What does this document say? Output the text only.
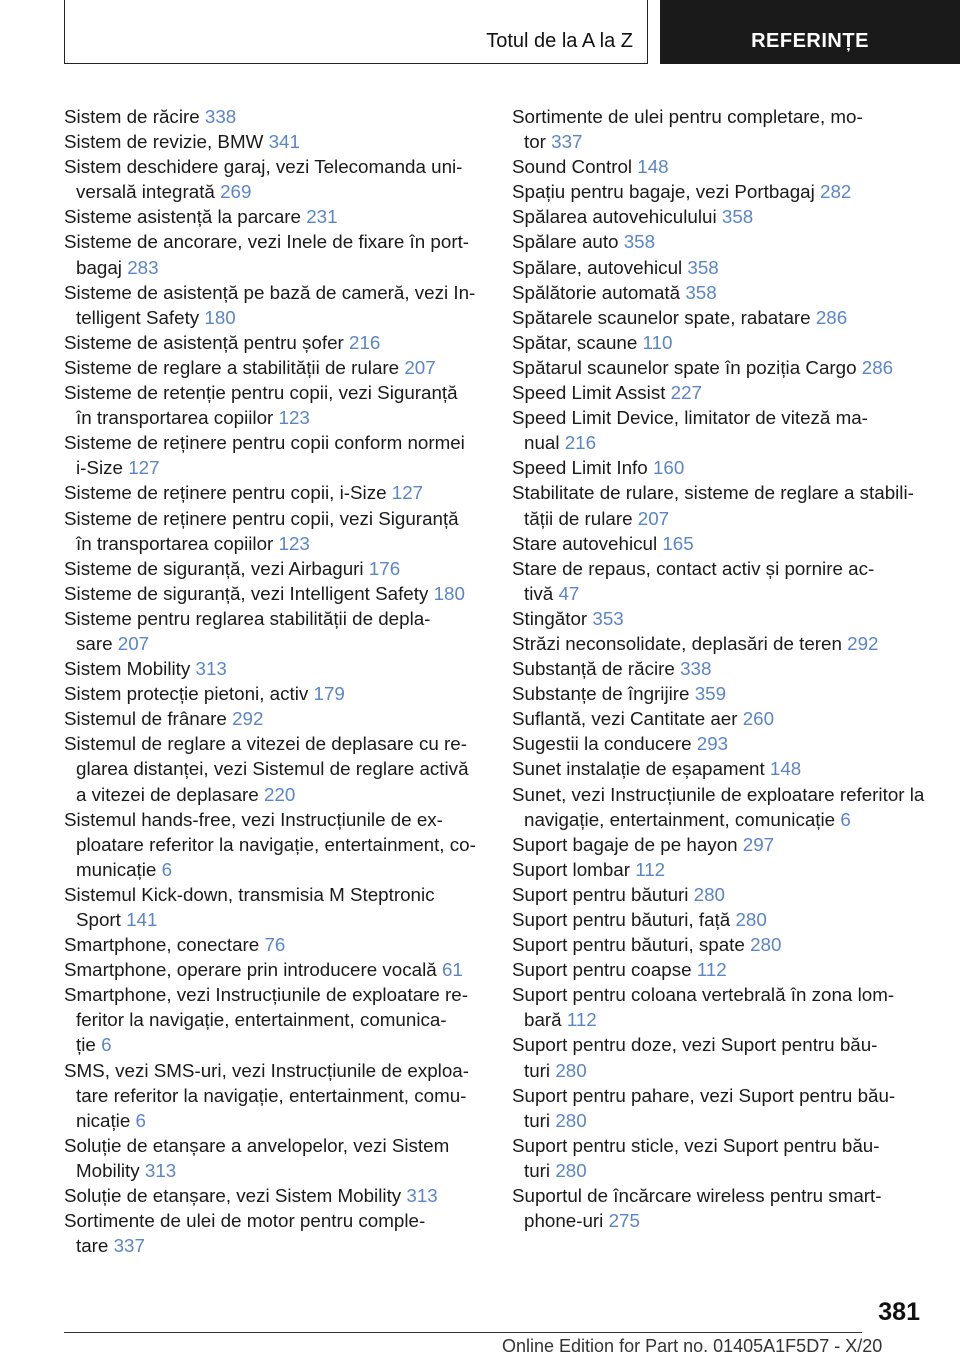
Totul de la A la Z	REFERINȚE
Sistem de răcire 338
Sistem de revizie, BMW 341
Sistem deschidere garaj, vezi Telecomanda uni-
versală integrată 269
Sisteme asistență la parcare 231
Sisteme de ancorare, vezi Inele de fixare în port-
bagaj 283
Sisteme de asistență pe bază de cameră, vezi In-
telligent Safety 180
Sisteme de asistență pentru șofer 216
Sisteme de reglare a stabilității de rulare 207
Sisteme de retenție pentru copii, vezi Siguranță
în transportarea copiilor 123
Sisteme de reținere pentru copii conform normei
i-Size 127
Sisteme de reținere pentru copii, i-Size 127
Sisteme de reținere pentru copii, vezi Siguranță
în transportarea copiilor 123
Sisteme de siguranță, vezi Airbaguri 176
Sisteme de siguranță, vezi Intelligent Safety 180
Sisteme pentru reglarea stabilității de depla-
sare 207
Sistem Mobility 313
Sistem protecție pietoni, activ 179
Sistemul de frânare 292
Sistemul de reglare a vitezei de deplasare cu re-
glarea distanței, vezi Sistemul de reglare activă
a vitezei de deplasare 220
Sistemul hands-free, vezi Instrucțiunile de ex-
ploatare referitor la navigație, entertainment, co-
municație 6
Sistemul Kick-down, transmisia M Steptronic
Sport 141
Smartphone, conectare 76
Smartphone, operare prin introducere vocală 61
Smartphone, vezi Instrucțiunile de exploatare re-
feritor la navigație, entertainment, comunica-
ție 6
SMS, vezi SMS-uri, vezi Instrucțiunile de exploa-
tare referitor la navigație, entertainment, comu-
nicație 6
Soluție de etanșare a anvelopelor, vezi Sistem
Mobility 313
Soluție de etanșare, vezi Sistem Mobility 313
Sortimente de ulei de motor pentru comple-
tare 337
Sortimente de ulei pentru completare, mo-
tor 337
Sound Control 148
Spațiu pentru bagaje, vezi Portbagaj 282
Spălarea autovehiculului 358
Spălare auto 358
Spălare, autovehicul 358
Spălătorie automată 358
Spătarele scaunelor spate, rabatare 286
Spătar, scaune 110
Spătarul scaunelor spate în poziția Cargo 286
Speed Limit Assist 227
Speed Limit Device, limitator de viteză ma-
nual 216
Speed Limit Info 160
Stabilitate de rulare, sisteme de reglare a stabili-
tății de rulare 207
Stare autovehicul 165
Stare de repaus, contact activ și pornire ac-
tivă 47
Stingător 353
Străzi neconsolidate, deplasări de teren 292
Substanță de răcire 338
Substanțe de îngrijire 359
Suflantă, vezi Cantitate aer 260
Sugestii la conducere 293
Sunet instalație de eșapament 148
Sunet, vezi Instrucțiunile de exploatare referitor la
navigație, entertainment, comunicație 6
Suport bagaje de pe hayon 297
Suport lombar 112
Suport pentru băuturi 280
Suport pentru băuturi, față 280
Suport pentru băuturi, spate 280
Suport pentru coapse 112
Suport pentru coloana vertebrală în zona lom-
bară 112
Suport pentru doze, vezi Suport pentru bău-
turi 280
Suport pentru pahare, vezi Suport pentru bău-
turi 280
Suport pentru sticle, vezi Suport pentru bău-
turi 280
Suportul de încărcare wireless pentru smart-
phone-uri 275
381
Online Edition for Part no. 01405A1F5D7 - X/20
